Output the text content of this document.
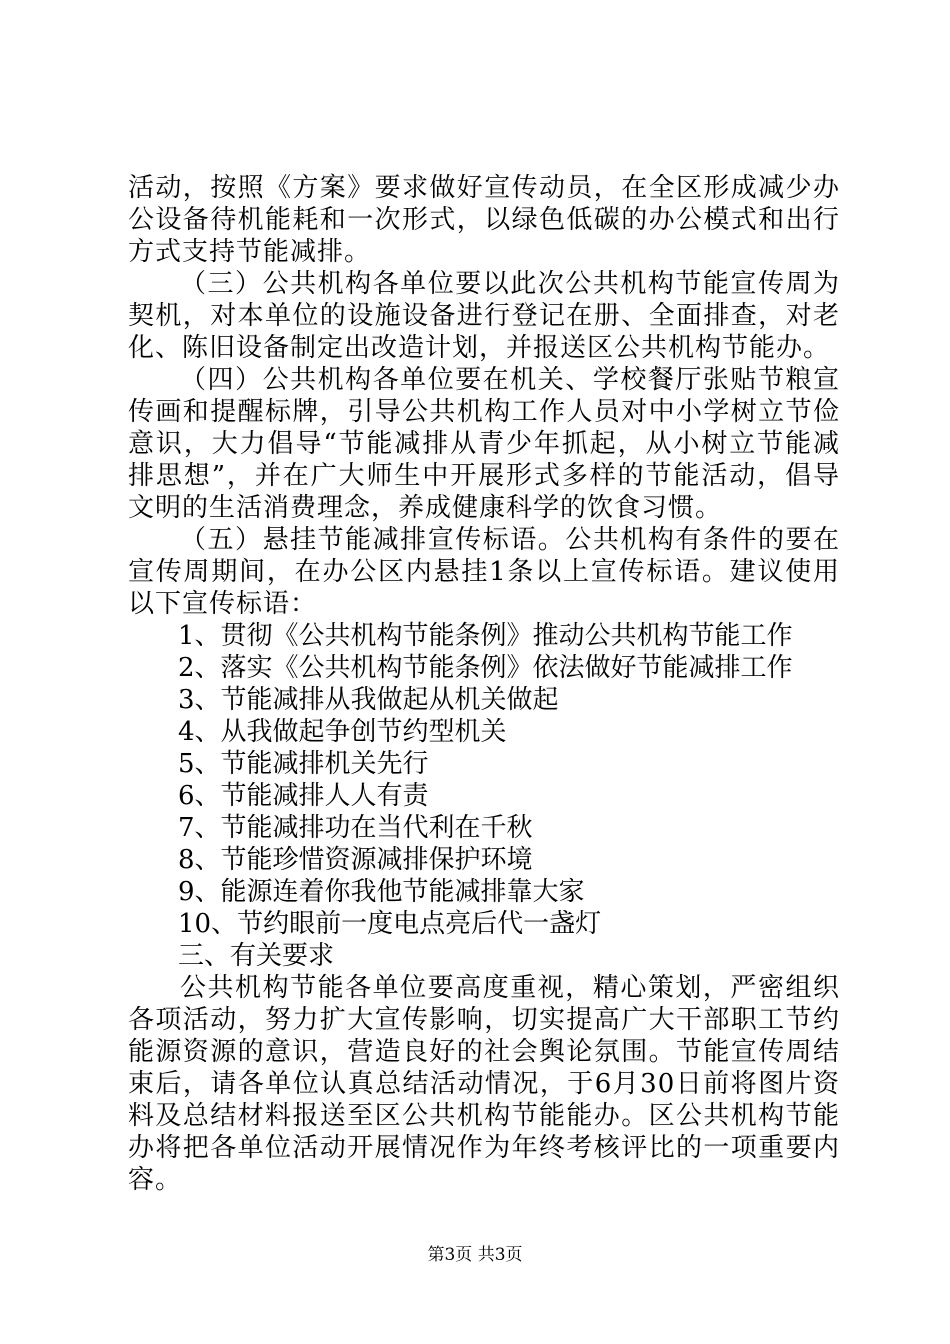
活动，按照《方案》要求做好宣传动员，在全区形成减少办公设备待机能耗和一次形式，以绿色低碳的办公模式和出行方式支持节能减排。

（三）公共机构各单位要以此次公共机构节能宣传周为契机，对本单位的设施设备进行登记在册、全面排查，对老化、陈旧设备制定出改造计划，并报送区公共机构节能办。

（四）公共机构各单位要在机关、学校餐厅张贴节粮宣传画和提醒标牌，引导公共机构工作人员对中小学树立节俭意识，大力倡导“节能减排从青少年抓起，从小树立节能减排思想”，并在广大师生中开展形式多样的节能活动，倡导文明的生活消费理念，养成健康科学的饮食习惯。

（五）悬挂节能减排宣传标语。公共机构有条件的要在宣传周期间，在办公区内悬挂1条以上宣传标语。建议使用以下宣传标语：

1、贯彻《公共机构节能条例》推动公共机构节能工作

2、落实《公共机构节能条例》依法做好节能减排工作

3、节能减排从我做起从机关做起

4、从我做起争创节约型机关

5、节能减排机关先行

6、节能减排人人有责

7、节能减排功在当代利在千秋

8、节能珍惜资源减排保护环境

9、能源连着你我他节能减排靠大家

10、节约眼前一度电点亮后代一盏灯

三、有关要求

公共机构节能各单位要高度重视，精心策划，严密组织各项活动，努力扩大宣传影响，切实提高广大干部职工节约能源资源的意识，营造良好的社会舆论氛围。节能宣传周结束后，请各单位认真总结活动情况，于6月30日前将图片资料及总结材料报送至区公共机构节能能办。区公共机构节能办将把各单位活动开展情况作为年终考核评比的一项重要内容。

第3页 共3页
